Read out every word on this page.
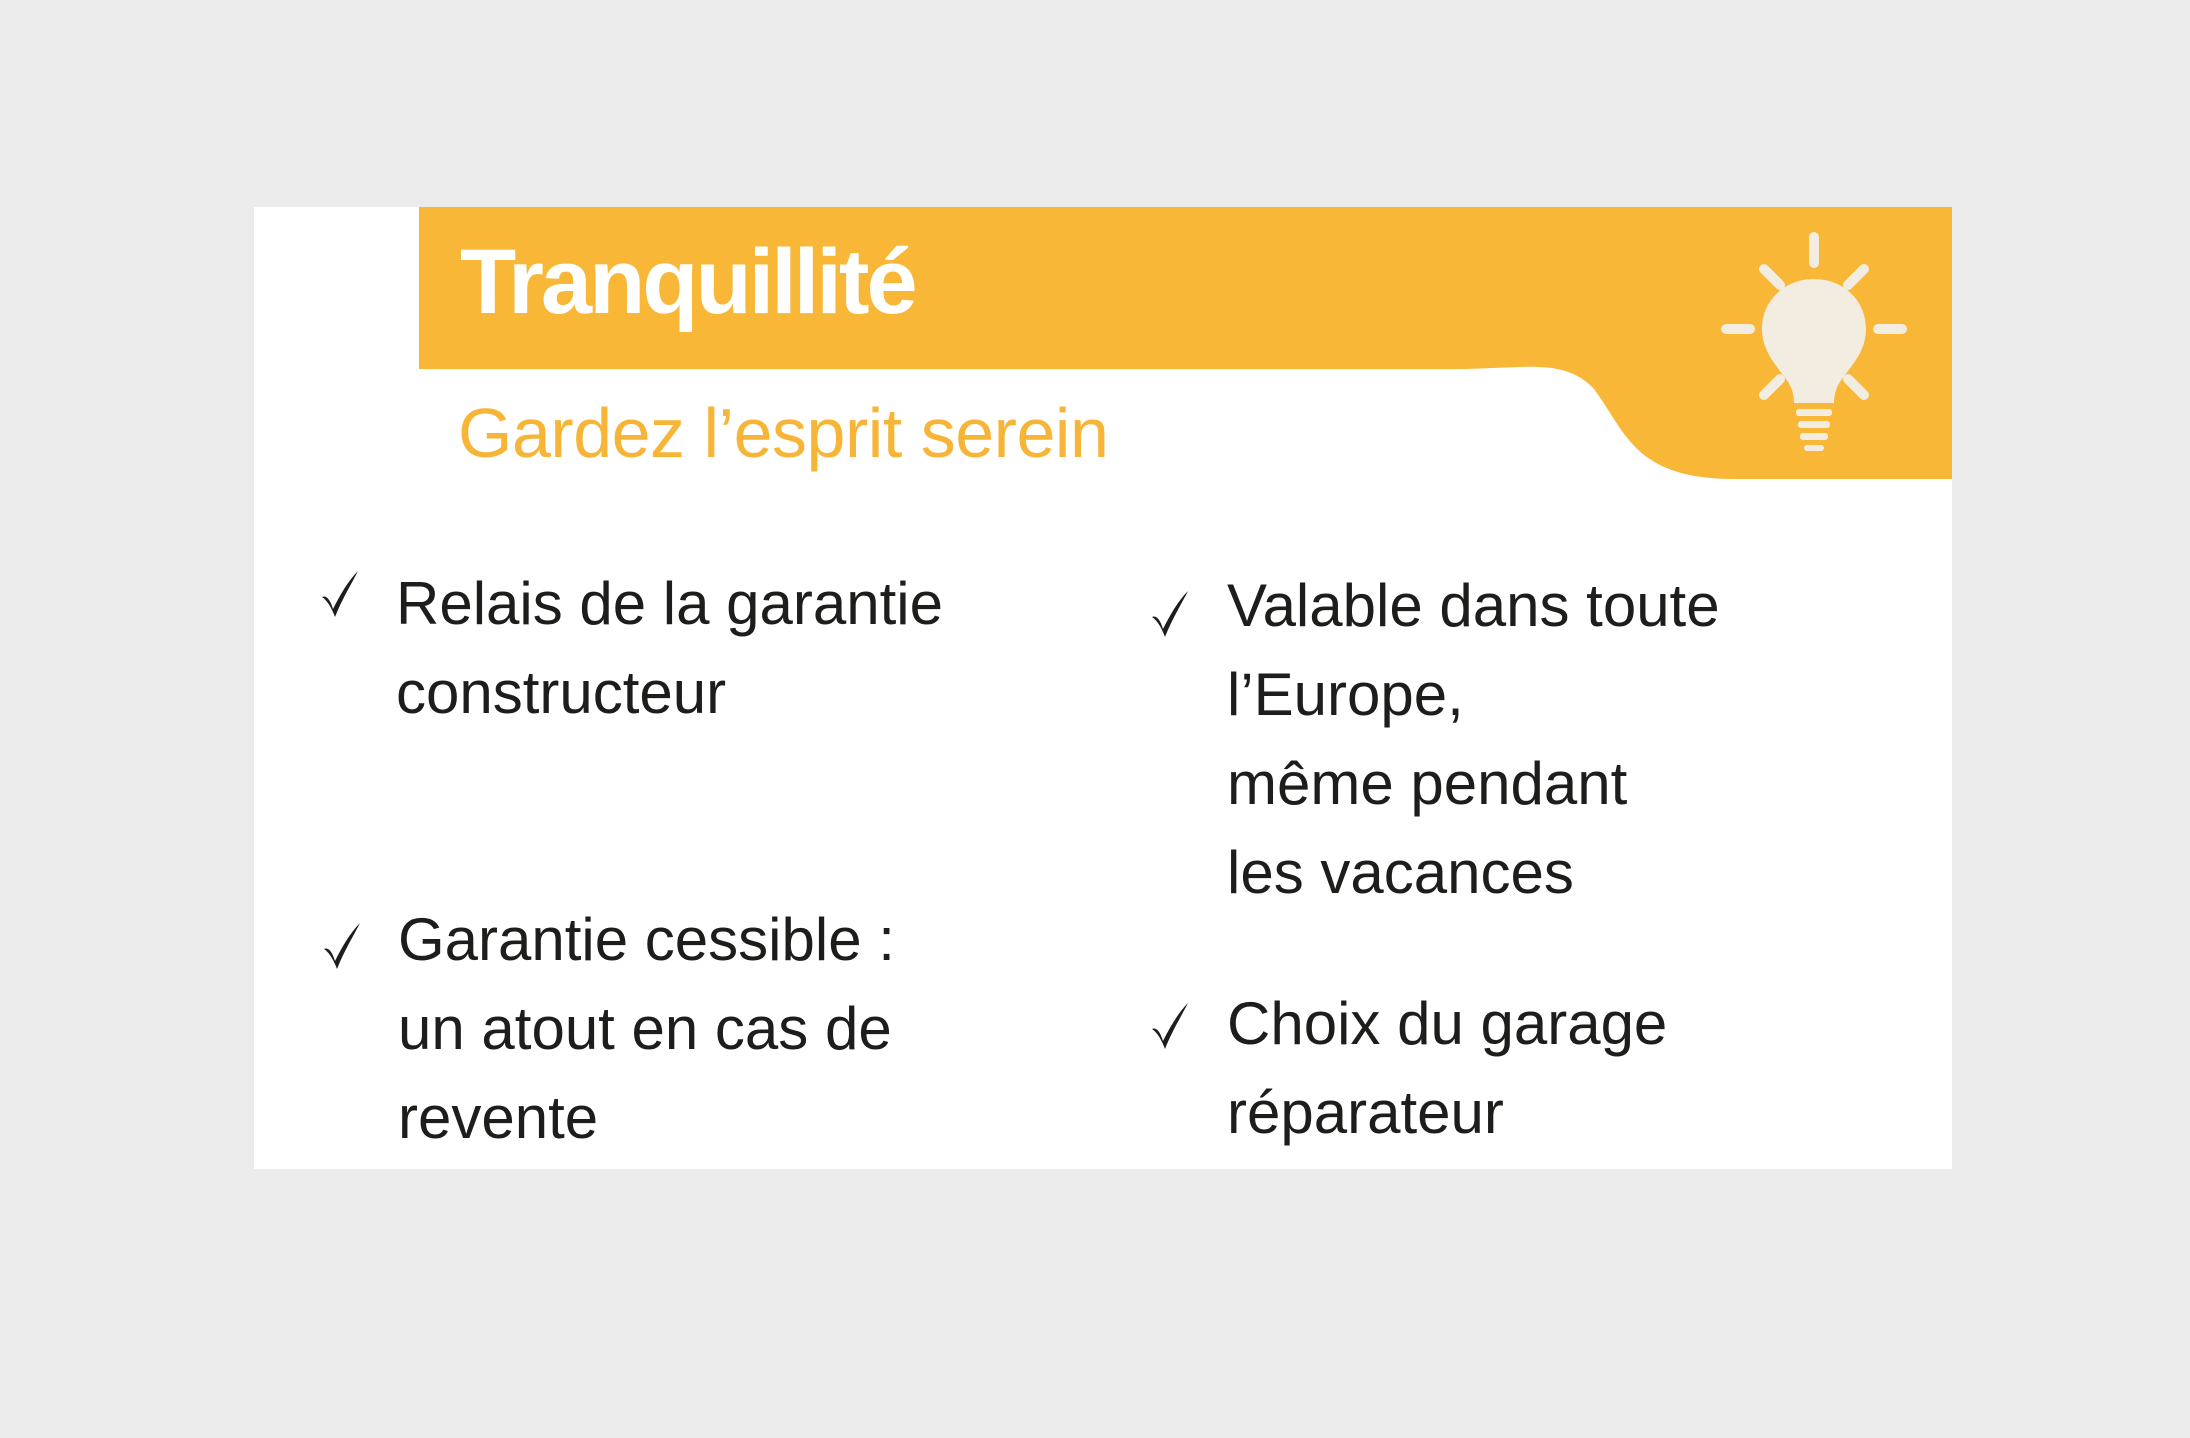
Tranquillité
Gardez l’esprit serein
Relais de la garantie
constructeur
Garantie cessible :
un atout en cas de
revente
Valable dans toute
l’Europe,
même pendant
les vacances
Choix du garage
réparateur
